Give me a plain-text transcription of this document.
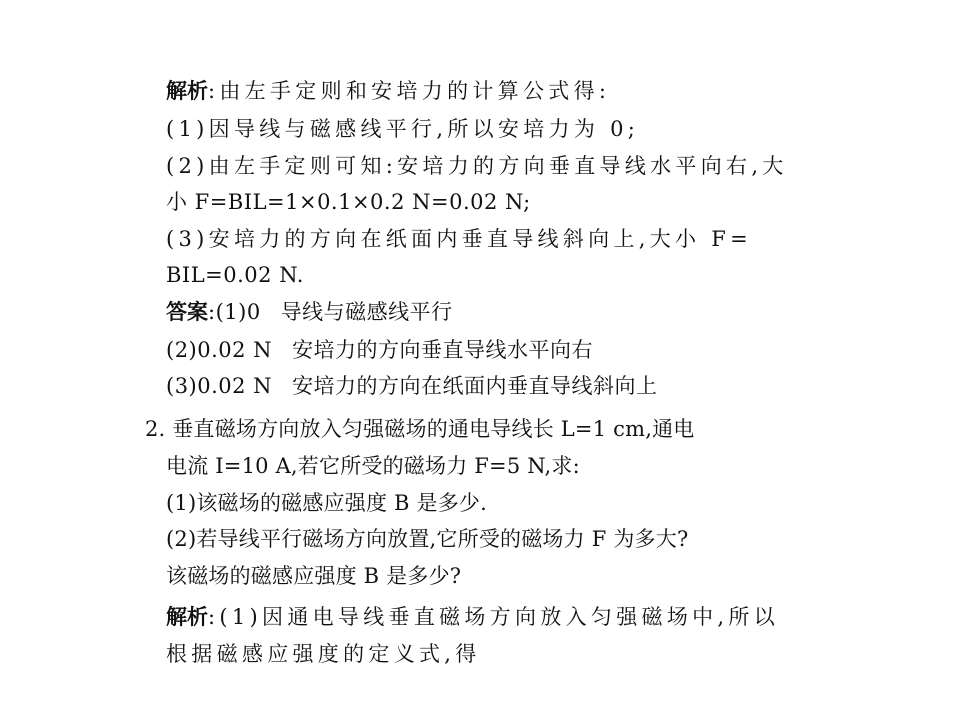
解析:由左手定则和安培力的计算公式得:
(1)因导线与磁感线平行,所以安培力为 0;
(2)由左手定则可知:安培力的方向垂直导线水平向右,大
小 F=BIL=1×0.1×0.2 N=0.02 N;
(3)安培力的方向在纸面内垂直导线斜向上,大小 F=
BIL=0.02 N.
答案:(1)0 导线与磁感线平行
(2)0.02 N 安培力的方向垂直导线水平向右
(3)0.02 N 安培力的方向在纸面内垂直导线斜向上
2. 垂直磁场方向放入匀强磁场的通电导线长 L=1 cm,通电
电流 I=10 A,若它所受的磁场力 F=5 N,求:
(1)该磁场的磁感应强度 B 是多少.
(2)若导线平行磁场方向放置,它所受的磁场力 F 为多大?
该磁场的磁感应强度 B 是多少?
解析:(1)因通电导线垂直磁场方向放入匀强磁场中,所以
根据磁感应强度的定义式,得
